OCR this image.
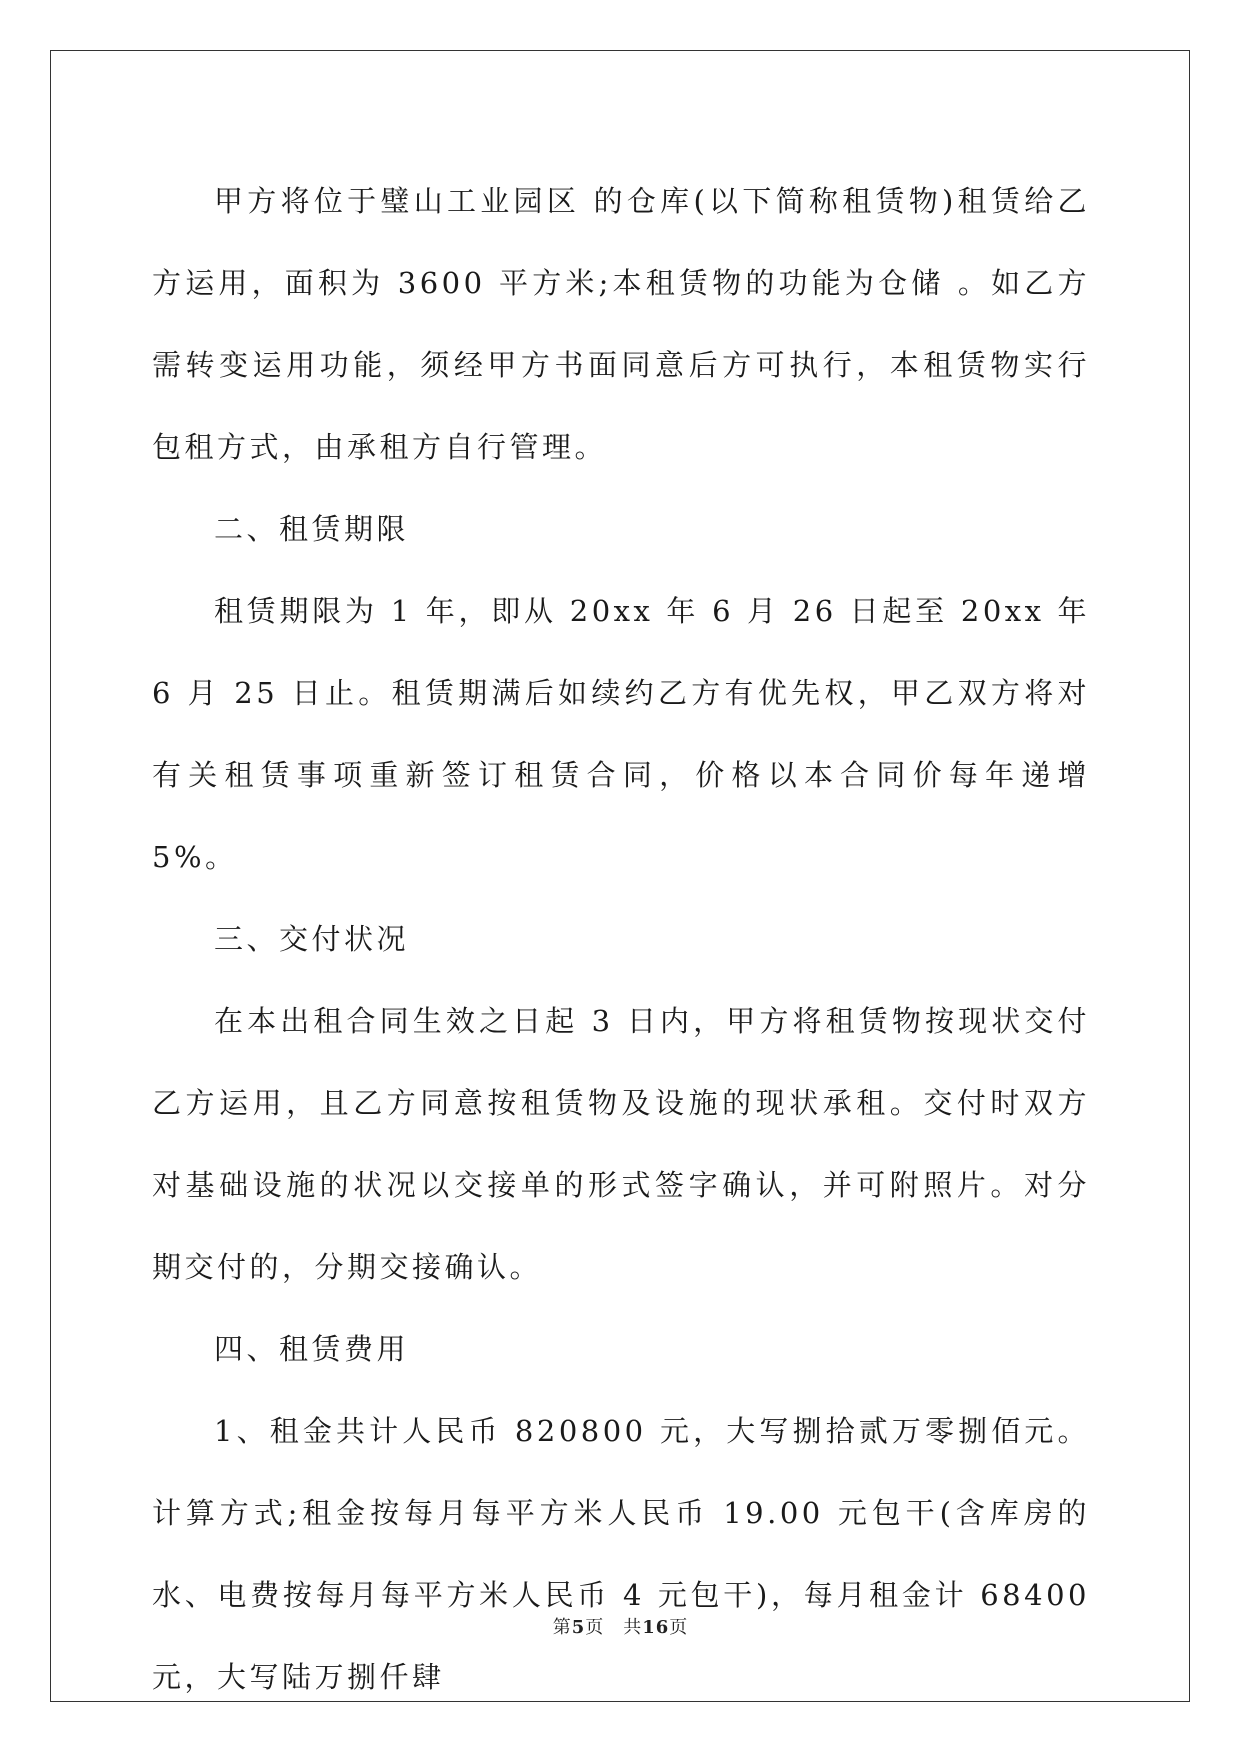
甲方将位于璧山工业园区 的仓库(以下简称租赁物)租赁给乙方运用，面积为 3600 平方米;本租赁物的功能为仓储 。如乙方需转变运用功能，须经甲方书面同意后方可执行，本租赁物实行包租方式，由承租方自行管理。

二、租赁期限

租赁期限为 1 年，即从 20xx 年 6 月 26 日起至 20xx 年 6 月 25 日止。租赁期满后如续约乙方有优先权，甲乙双方将对有关租赁事项重新签订租赁合同，价格以本合同价每年递增 5%。

三、交付状况

在本出租合同生效之日起 3 日内，甲方将租赁物按现状交付乙方运用，且乙方同意按租赁物及设施的现状承租。交付时双方对基础设施的状况以交接单的形式签字确认，并可附照片。对分期交付的，分期交接确认。

四、租赁费用

1、租金共计人民币 820800 元，大写捌拾贰万零捌佰元。计算方式;租金按每月每平方米人民币 19.00 元包干(含库房的水、电费按每月每平方米人民币 4 元包干)，每月租金计 68400 元，大写陆万捌仟肆

第5页　共16页
